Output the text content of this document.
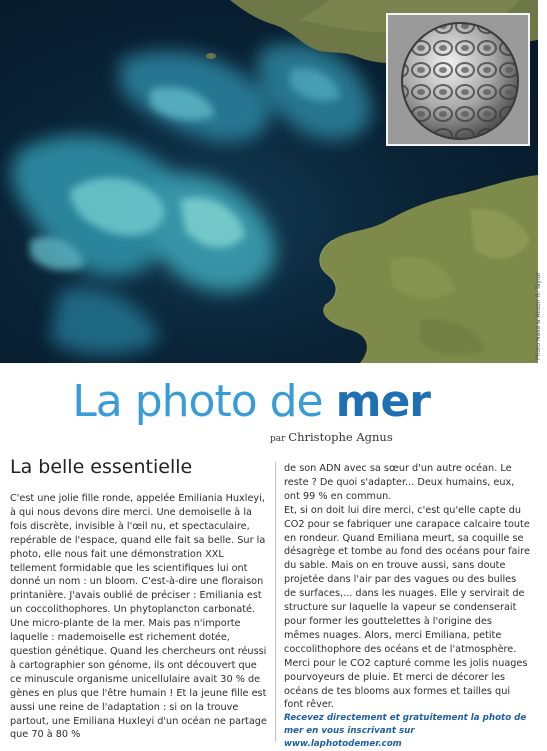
Photo Nasa & Alison R. Taylor
La photo de mer
par Christophe Agnus
La belle essentielle

C'est une jolie fille ronde, appelée Emiliania Huxleyi, à qui nous devons dire merci. Une demoiselle à la fois discrète, invisible à l'œil nu, et spectaculaire, repérable de l'espace, quand elle fait sa belle. Sur la photo, elle nous fait une démonstration XXL tellement formidable que les scientifiques lui ont donné un nom : un bloom. C'est-à-dire une floraison printanière. J'avais oublié de préciser : Emiliania est un coccolithophores. Un phytoplancton carbonaté. Une micro-plante de la mer. Mais pas n'importe laquelle : mademoiselle est richement dotée, question génétique. Quand les chercheurs ont réussi à cartographier son génome, ils ont découvert que ce minuscule organisme unicellulaire avait 30 % de gènes en plus que l'être humain ! Et la jeune fille est aussi une reine de l'adaptation : si on la trouve partout, une Emiliana Huxleyi d'un océan ne partage que 70 à 80 %

de son ADN avec sa sœur d'un autre océan. Le reste ? De quoi s'adapter... Deux humains, eux, ont 99 % en commun.

Et, si on doit lui dire merci, c'est qu'elle capte du CO2 pour se fabriquer une carapace calcaire toute en rondeur. Quand Emiliana meurt, sa coquille se désagrège et tombe au fond des océans pour faire du sable. Mais on en trouve aussi, sans doute projetée dans l'air par des vagues ou des bulles de surfaces,... dans les nuages. Elle y servirait de structure sur laquelle la vapeur se condenserait pour former les gouttelettes à l'origine des mêmes nuages. Alors, merci Emiliana, petite coccolithophore des océans et de l'atmosphère. Merci pour le CO2 capturé comme les jolis nuages pourvoyeurs de pluie. Et merci de décorer les océans de tes blooms aux formes et tailles qui font rêver.

Recevez directement et gratuitement la photo de mer en vous inscrivant sur www.laphotodemer.com
